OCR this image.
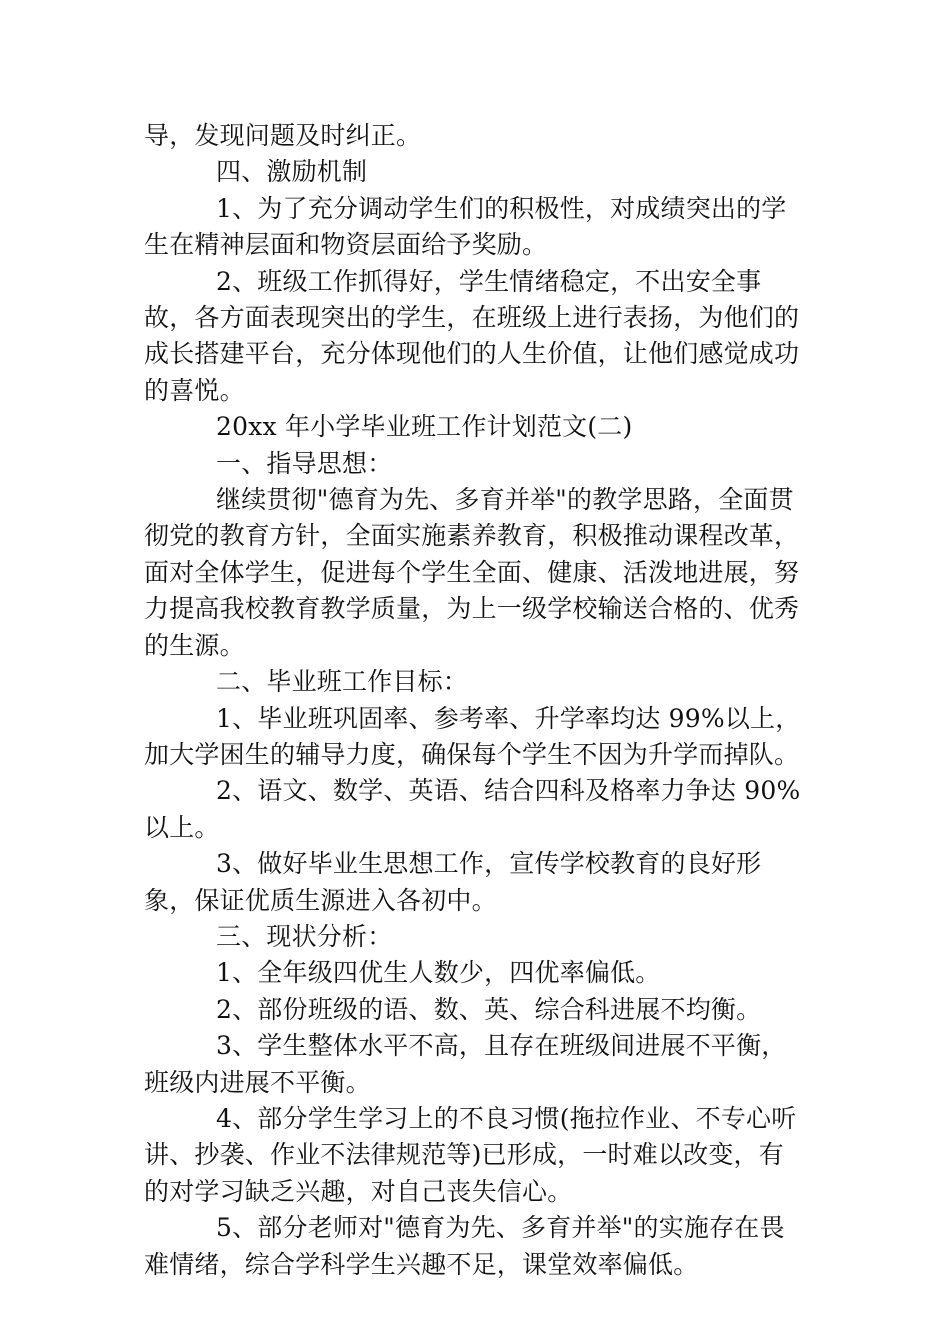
导，发现问题及时纠正。

四、激励机制

1、为了充分调动学生们的积极性，对成绩突出的学生在精神层面和物资层面给予奖励。

2、班级工作抓得好，学生情绪稳定，不出安全事故，各方面表现突出的学生，在班级上进行表扬，为他们的成长搭建平台，充分体现他们的人生价值，让他们感觉成功的喜悦。

20xx 年小学毕业班工作计划范文(二)

一、指导思想：

继续贯彻"德育为先、多育并举"的教学思路，全面贯彻党的教育方针，全面实施素养教育，积极推动课程改革，面对全体学生，促进每个学生全面、健康、活泼地进展，努力提高我校教育教学质量，为上一级学校输送合格的、优秀的生源。

二、毕业班工作目标：

1、毕业班巩固率、参考率、升学率均达 99%以上，加大学困生的辅导力度，确保每个学生不因为升学而掉队。

2、语文、数学、英语、结合四科及格率力争达 90%以上。

3、做好毕业生思想工作，宣传学校教育的良好形象，保证优质生源进入各初中。

三、现状分析：

1、全年级四优生人数少，四优率偏低。

2、部份班级的语、数、英、综合科进展不均衡。

3、学生整体水平不高，且存在班级间进展不平衡，班级内进展不平衡。

4、部分学生学习上的不良习惯(拖拉作业、不专心听讲、抄袭、作业不法律规范等)已形成，一时难以改变，有的对学习缺乏兴趣，对自己丧失信心。

5、部分老师对"德育为先、多育并举"的实施存在畏难情绪，综合学科学生兴趣不足，课堂效率偏低。
